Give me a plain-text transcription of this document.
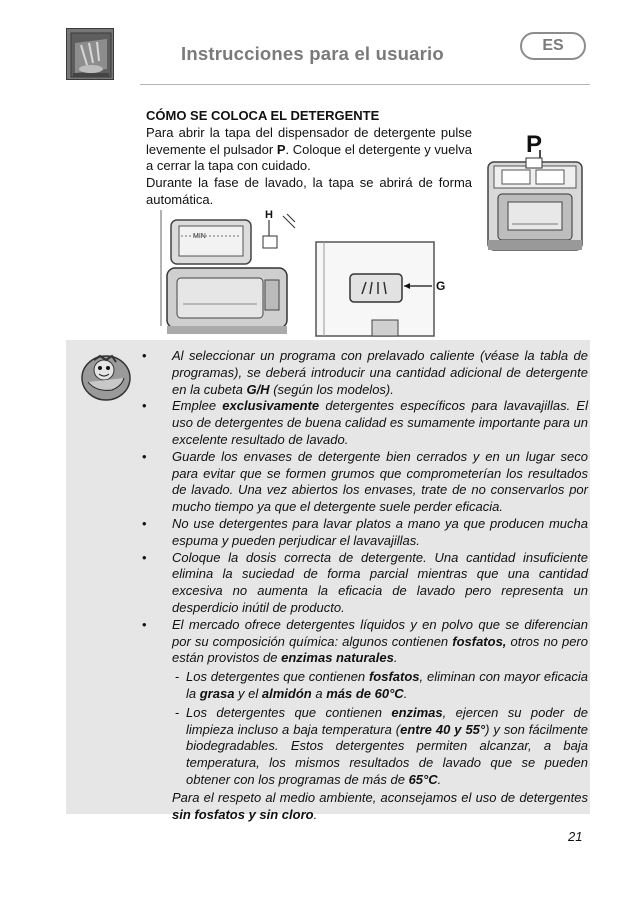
Instrucciones para el usuario	ES

CÓMO SE COLOCA EL DETERGENTE

Para abrir la tapa del dispensador de detergente pulse levemente el pulsador P. Coloque el detergente y vuelva a cerrar la tapa con cuidado.

Durante la fase de lavado, la tapa se abrirá de forma automática.

P
MIN
H
G
• Al seleccionar un programa con prelavado caliente (véase la tabla de programas), se deberá introducir una cantidad adicional de detergente en la cubeta G/H (según los modelos).
• Emplee exclusivamente detergentes específicos para lavavajillas. El uso de detergentes de buena calidad es sumamente importante para un excelente resultado de lavado.
• Guarde los envases de detergente bien cerrados y en un lugar seco para evitar que se formen grumos que comprometerían los resultados de lavado. Una vez abiertos los envases, trate de no conservarlos por mucho tiempo ya que el detergente suele perder eficacia.
• No use detergentes para lavar platos a mano ya que producen mucha espuma y pueden perjudicar el lavavajillas.
• Coloque la dosis correcta de detergente. Una cantidad insuficiente elimina la suciedad de forma parcial mientras que una cantidad excesiva no aumenta la eficacia de lavado pero representa un desperdicio inútil de producto.
• El mercado ofrece detergentes líquidos y en polvo que se diferencian por su composición química: algunos contienen fosfatos, otros no pero están provistos de enzimas naturales.
- Los detergentes que contienen fosfatos, eliminan con mayor eficacia la grasa y el almidón a más de 60°C.
- Los detergentes que contienen enzimas, ejercen su poder de limpieza incluso a baja temperatura (entre 40 y 55°) y son fácilmente biodegradables. Estos detergentes permiten alcanzar, a baja temperatura, los mismos resultados de lavado que se pueden obtener con los programas de más de 65°C.
Para el respeto al medio ambiente, aconsejamos el uso de detergentes sin fosfatos y sin cloro.
21
